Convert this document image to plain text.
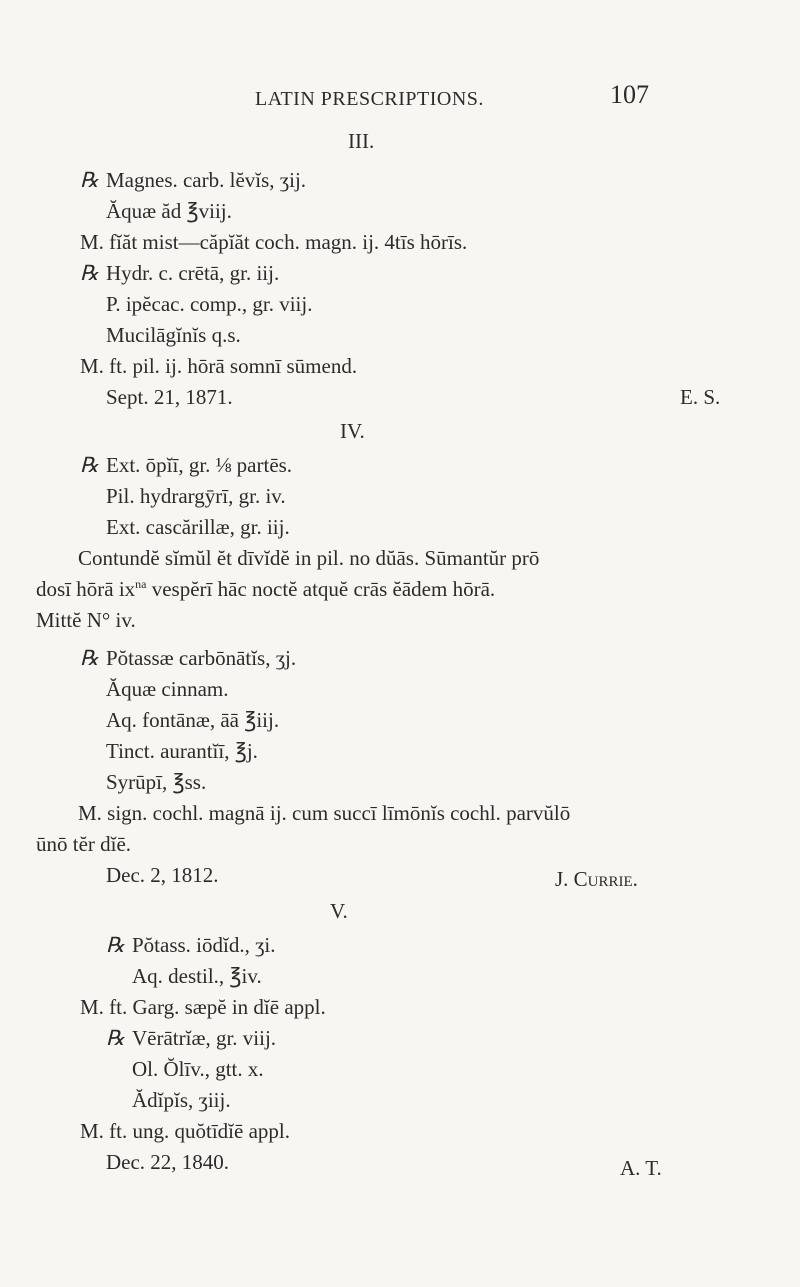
LATIN PRESCRIPTIONS.	107
III.
℞ Magnes. carb. lĕvĭs, ʒij.
Ăquæ ăd ℥viij.
M. fĭăt mist—căpĭăt coch. magn. ij. 4tīs hōrīs.
℞ Hydr. c. crētā, gr. iij.
P. ipĕcac. comp., gr. viij.
Mucilāgĭnĭs q.s.
M. ft. pil. ij. hōrā somnī sūmend.
Sept. 21, 1871.	E. S.
IV.
℞ Ext. ōpĭī, gr. ⅛ partēs.
Pil. hydrargȳrī, gr. iv.
Ext. cascărillæ, gr. iij.
Contundĕ sĭmŭl ĕt dīvĭdĕ in pil. no dŭās. Sūmantŭr prō
dosī hōrā $ix^{na}$ vespĕrī hāc noctĕ atquĕ crās ĕādem hōrā.
Mittĕ N° iv.
℞ Pŏtassæ carbōnātĭs, ʒj.
Ăquæ cinnam.
Aq. fontānæ, āā ℥iij.
Tinct. aurantĭī, ℥j.
Syrūpī, ℥ss.
M. sign. cochl. magnā ij. cum succī līmōnĭs cochl. parvŭlō
ūnō tĕr dĭē.
Dec. 2, 1812.	J. Currie.
V.
℞ Pŏtass. iōdĭd., ʒi.
Aq. destil., ℥iv.
M. ft. Garg. sæpĕ in dĭē appl.
℞ Vērātrĭæ, gr. viij.
Ol. Ŏlīv., gtt. x.
Ădĭpĭs, ʒiij.
M. ft. ung. quŏtīdĭē appl.
Dec. 22, 1840.	A. T.
